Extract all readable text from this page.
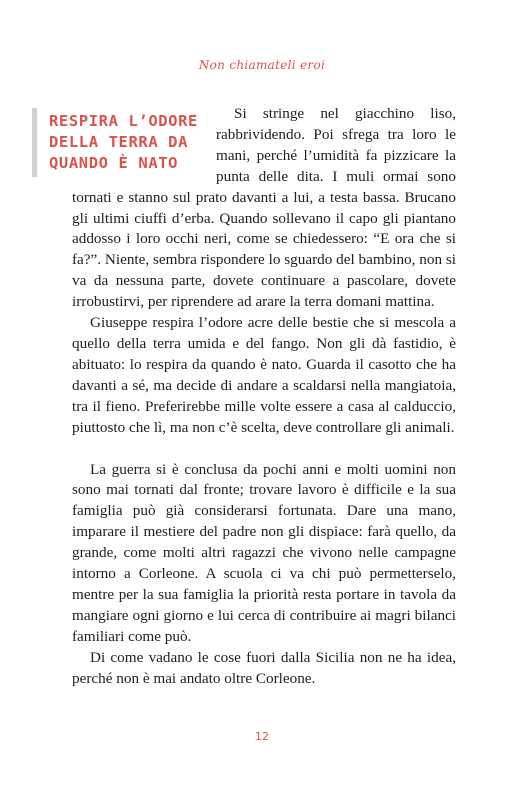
Non chiamateli eroi

RESPIRA L’ODORE
DELLA TERRA DA
QUANDO È NATO
Si stringe nel giacchino liso, rabbrividendo. Poi sfrega tra loro le mani, perché l’umidità fa pizzicare la punta delle dita. I muli ormai sono tornati e stanno sul prato davanti a lui, a testa bassa. Brucano gli ultimi ciuffi d’erba. Quando sollevano il capo gli piantano addosso i loro occhi neri, come se chiedessero: “E ora che si fa?”. Niente, sembra rispondere lo sguardo del bambino, non si va da nessuna parte, dovete continuare a pascolare, dovete irrobustirvi, per riprendere ad arare la terra domani mattina.

Giuseppe respira l’odore acre delle bestie che si mescola a quello della terra umida e del fango. Non gli dà fastidio, è abituato: lo respira da quando è nato. Guarda il casotto che ha davanti a sé, ma decide di andare a scaldarsi nella mangiatoia, tra il fieno. Preferirebbe mille volte essere a casa al calduccio, piuttosto che lì, ma non c’è scelta, deve controllare gli animali.

La guerra si è conclusa da pochi anni e molti uomini non sono mai tornati dal fronte; trovare lavoro è difficile e la sua famiglia può già considerarsi fortunata. Dare una mano, imparare il mestiere del padre non gli dispiace: farà quello, da grande, come molti altri ragazzi che vivono nelle campagne intorno a Corleone. A scuola ci va chi può permetterselo, mentre per la sua famiglia la priorità resta portare in tavola da mangiare ogni giorno e lui cerca di contribuire ai magri bilanci familiari come può.

Di come vadano le cose fuori dalla Sicilia non ne ha idea, perché non è mai andato oltre Corleone.

12
